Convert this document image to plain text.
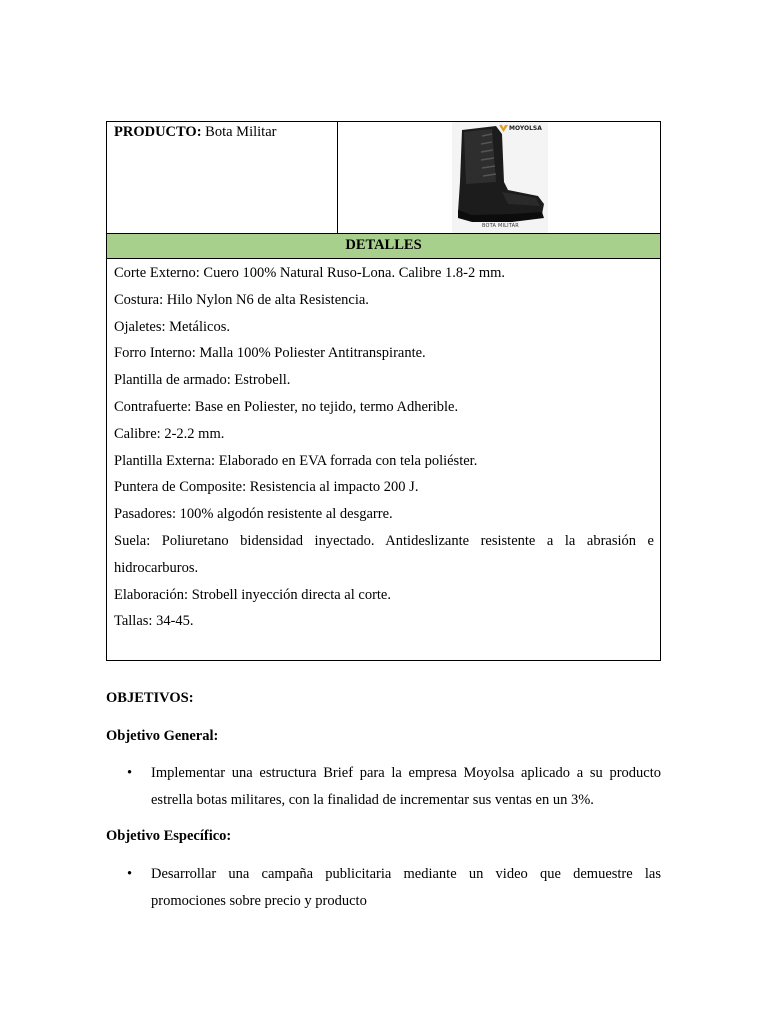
PRODUCTO: Bota Militar	MOYOLSA
BOTA MILITAR
DETALLES

Corte Externo: Cuero 100% Natural Ruso-Lona. Calibre 1.8-2 mm.

Costura: Hilo Nylon N6 de alta Resistencia.

Ojaletes: Metálicos.

Forro Interno: Malla 100% Poliester Antitranspirante.

Plantilla de armado: Estrobell.

Contrafuerte: Base en Poliester, no tejido, termo Adherible.

Calibre: 2-2.2 mm.

Plantilla Externa: Elaborado en EVA forrada con tela poliéster.

Puntera de Composite: Resistencia al impacto 200 J.

Pasadores: 100% algodón resistente al desgarre.

Suela: Poliuretano bidensidad inyectado. Antideslizante resistente a la abrasión e

hidrocarburos.

Elaboración: Strobell inyección directa al corte.

Tallas: 34-45.

OBJETIVOS:
Objetivo General:
• Implementar una estructura Brief para la empresa Moyolsa aplicado a su producto
estrella botas militares, con la finalidad de incrementar sus ventas en un 3%.
Objetivo Específico:
• Desarrollar una campaña publicitaria mediante un video que demuestre las
promociones sobre precio y producto
